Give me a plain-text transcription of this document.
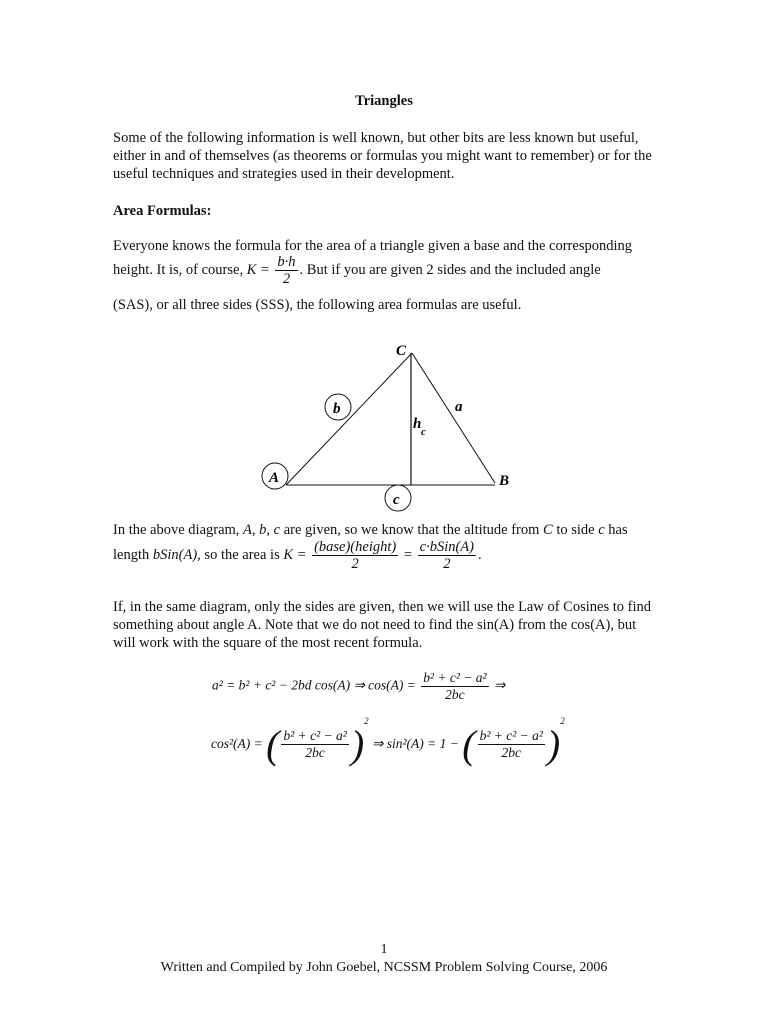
Triangles
Some of the following information is well known, but other bits are less known but useful, either in and of themselves (as theorems or formulas you might want to remember) or for the useful techniques and strategies used in their development.
Area Formulas:
Everyone knows the formula for the area of a triangle given a base and the corresponding
height. It is, of course, $K = \frac{b\cdot h}{2}$ . But if you are given 2 sides and the included angle
(SAS), or all three sides (SSS), the following area formulas are useful.
C
A	B
a
b
c
h c
In the above diagram, A, b, c are given, so we know that the altitude from C to side c has
length bSin(A), so the area is $K = \frac{\text{(base)(height)}}{2} = \frac{\text{c·bSin(A)}}{2}$ .
If, in the same diagram, only the sides are given, then we will use the Law of Cosines to find something about angle A. Note that we do not need to find the sin(A) from the cos(A), but will work with the square of the most recent formula.
a² = b² + c² − 2bd cos(A) ⇒ $\cos(A) = \frac{\text{b² + c² − a²}}{2bc}$ ⇒
cos²(A) = ( $\frac{\text{b² + c² − a²}}{2bc} )^2$ ⇒ sin²(A) = 1 − ( $\frac{\text{b² + c² − a²}}{2bc} )^2$
1
Written and Compiled by John Goebel, NCSSM Problem Solving Course, 2006
